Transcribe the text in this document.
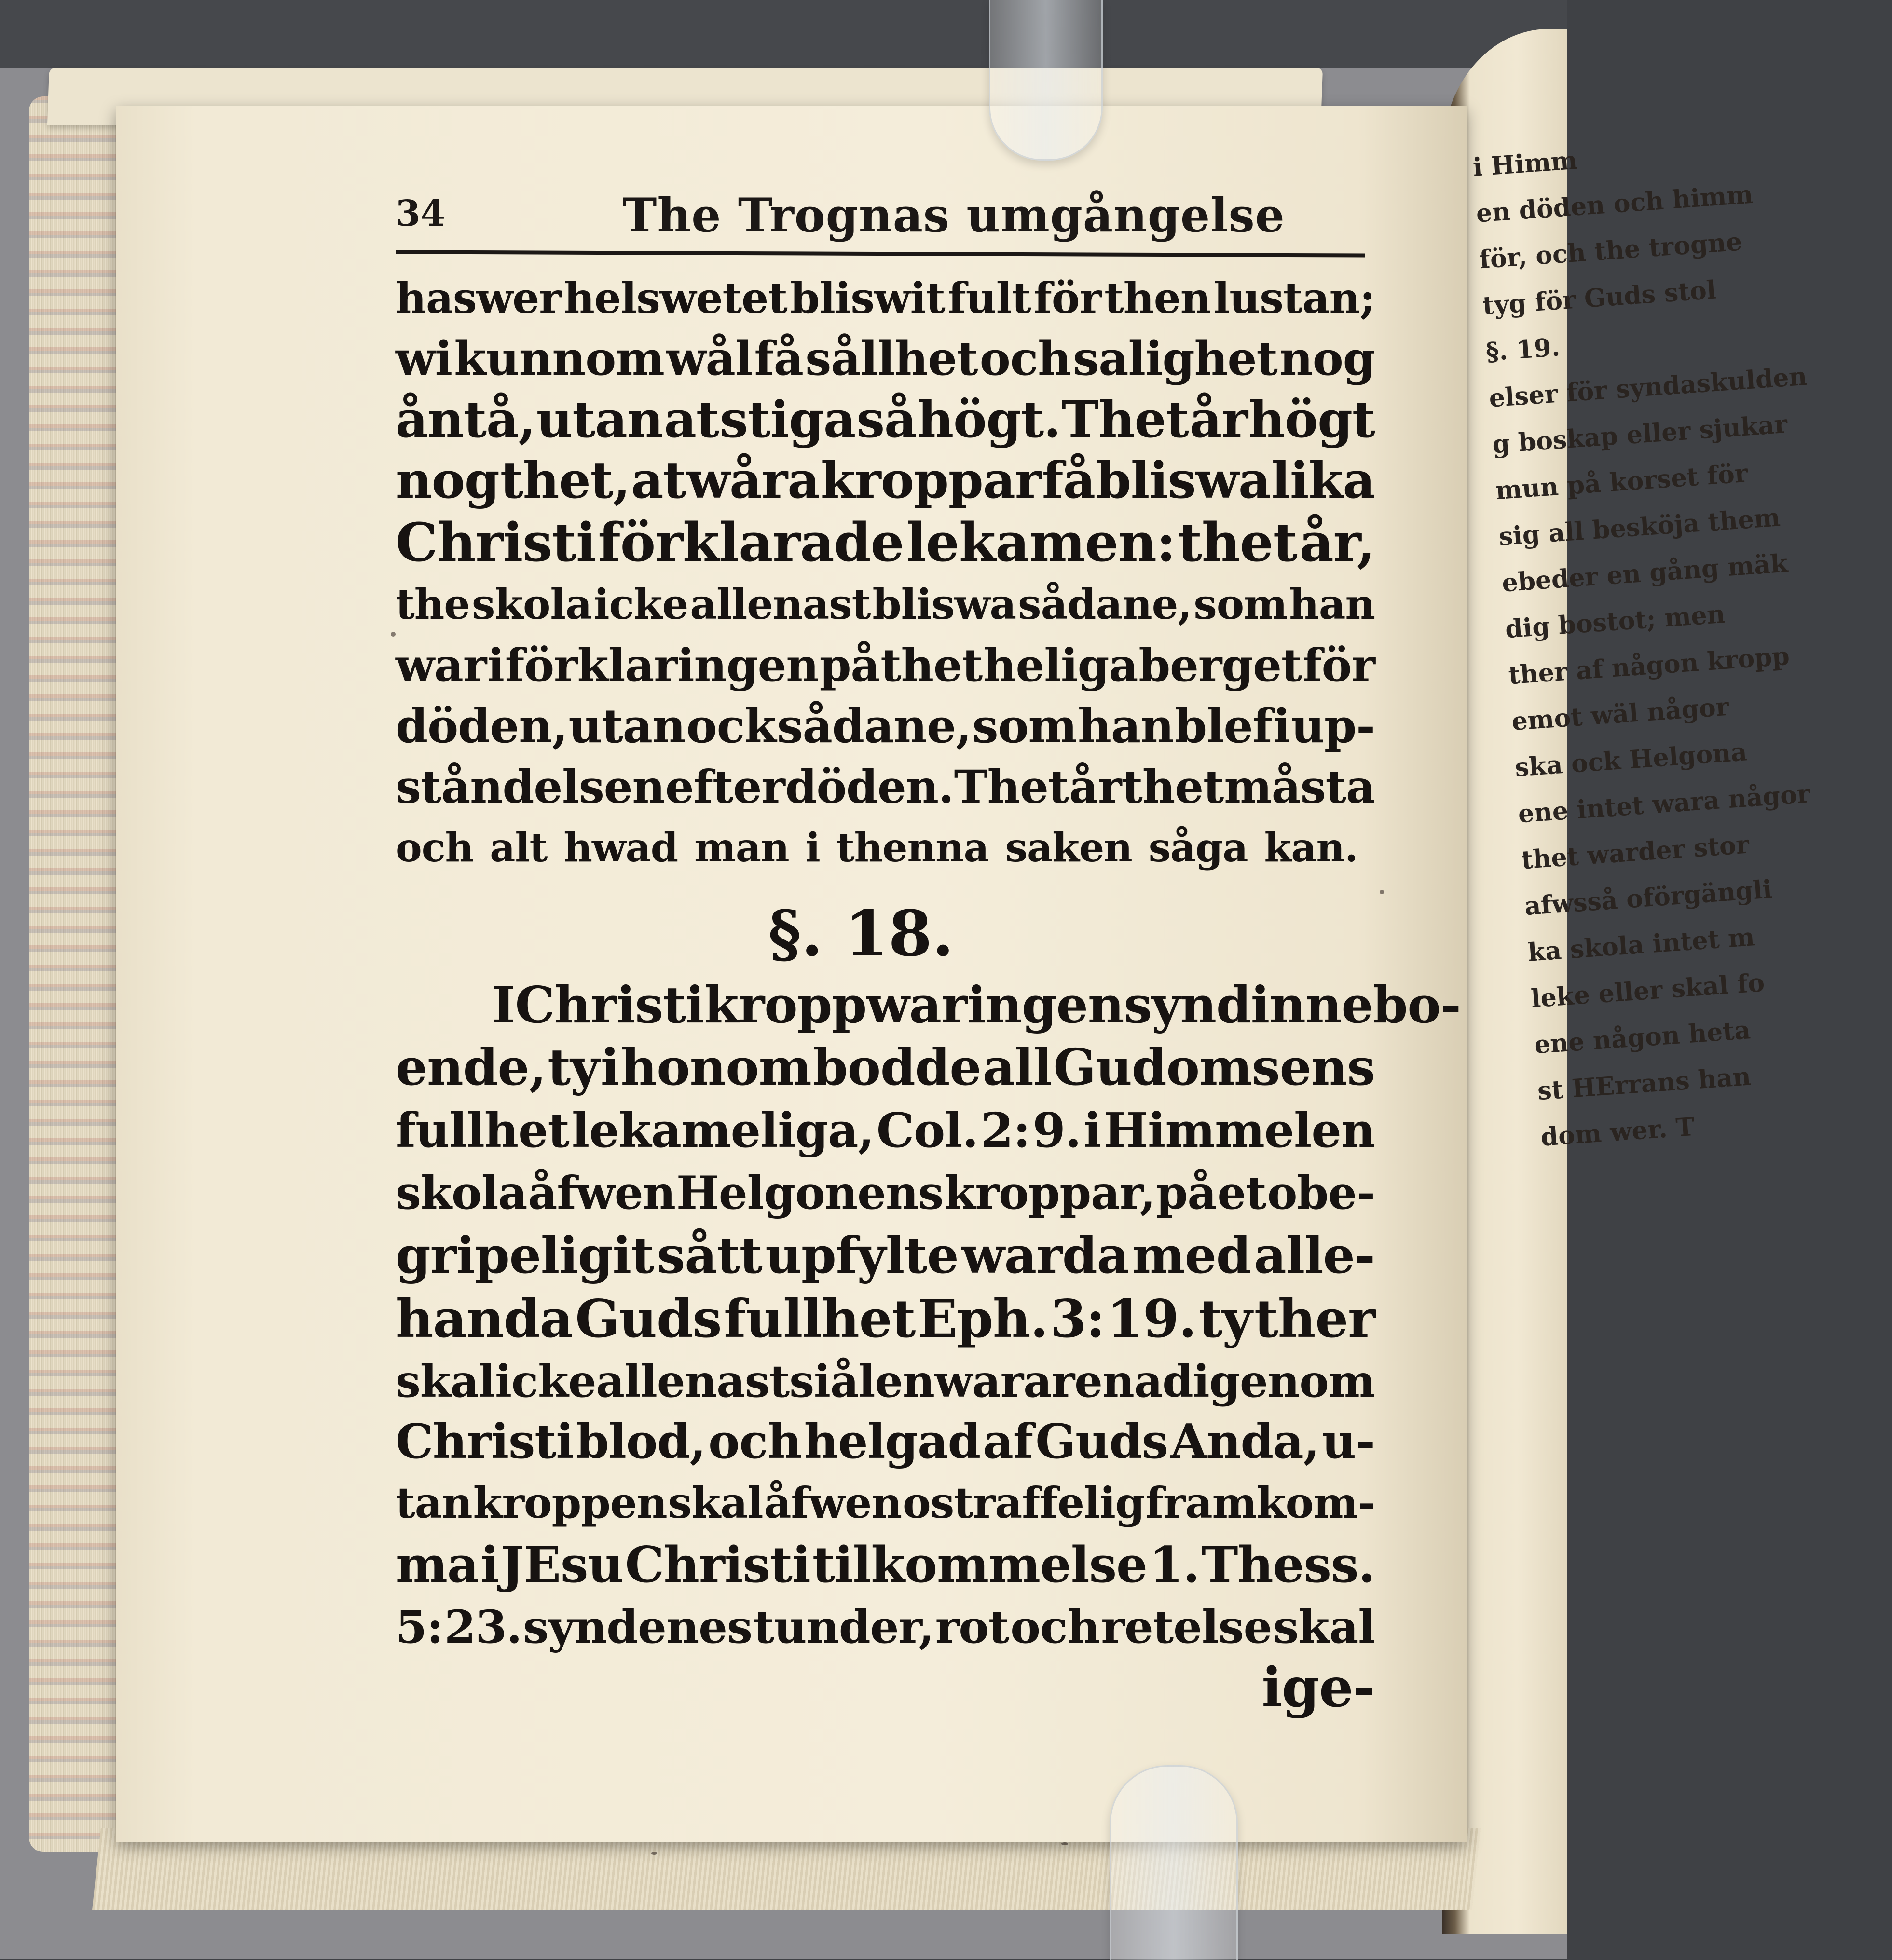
i Himm
en döden och himm
för, och the trogne
tyg för Guds stol
§. 19.
elser för syndaskulden
g boskap eller sjukar
mun på korset för
sig all besköja them
ebeder en gång mäk
dig bostot; men
ther af någon kropp
emot wäl någor
ska ock Helgona
ene intet wara någor
thet warder stor
afwsså oförgängli
ka skola intet m
leke eller skal fo
ene någon heta
st HErrans han
dom wer. T
34	The Trognas umgångelse
haswer helswetet bliswit fult för then lustan;
wi kunnom wål få sållhet och salighet nog
åntå, utan at stiga så högt. Thet år högt
nog thet, at wåra kroppar få bliswa lika
Christi förklarade lekamen: thet år,
the skola icke allenast bliswa sådane, som han
war i förklaringen på thet heliga berget för
döden, utan ock sådane, som han blef i up-
ståndelsen efter döden. Thet år thet måsta
och alt hwad man i thenna saken såga kan.
§. 18.
I Christi kropp war ingen synd innebo-
ende, ty i honom bodde all Gudomsens
fullhet lekameliga, Col. 2: 9. i Himmelen
skola åfwen Helgonens kroppar, på et obe-
gripeligit sått upfylte warda med alle-
handa Guds fullhet Eph. 3: 19. ty ther
skal icke allenast siålen wara renad igenom
Christi blod, och helgad af Guds Anda, u-
tan kroppen skal åfwen ostraffelig framkom-
ma i JEsu Christi tilkommelse 1. Thess.
5: 23. syndenes tunder, rot och retelse skal
ige-
